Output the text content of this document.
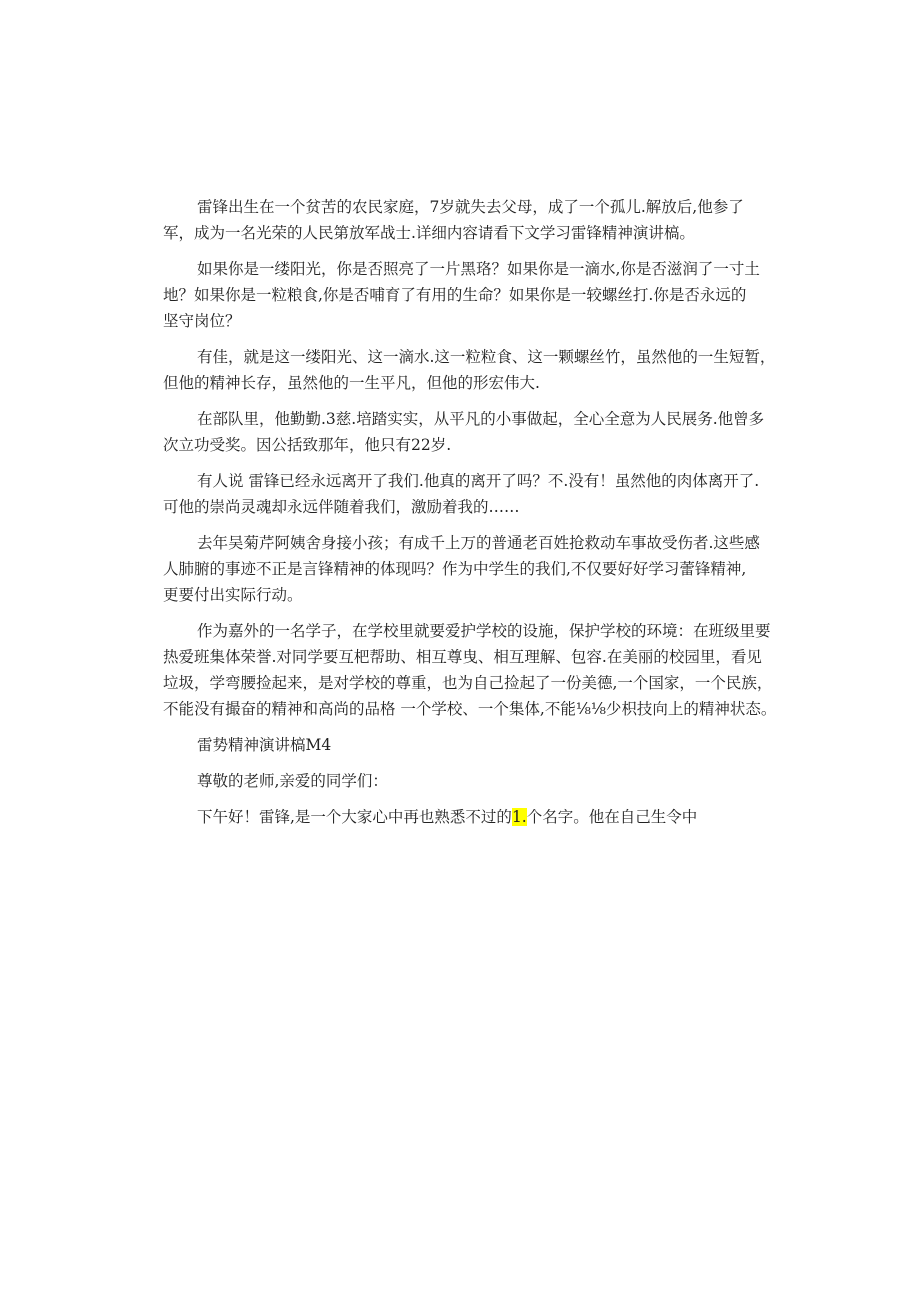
雷锋出生在一个贫苦的农民家庭，7岁就失去父母，成了一个孤儿.解放后,他参了
军，成为一名光荣的人民第放军战士.详细内容请看下文学习雷锋精神演讲槁。

如果你是一缕阳光，你是否照亮了一片黑珞？如果你是一滴水,你是否滋润了一寸土
地？如果你是一粒粮食,你是否哺育了有用的生命？如果你是一较螺丝打.你是否永远的
坚守岗位？

有佳，就是这一缕阳光、这一滴水.这一粒粒食、这一颗螺丝竹，虽然他的一生短暂，
但他的精神长存，虽然他的一生平凡，但他的形宏伟大.

在部队里，他勤勤.3慈.培踏实实，从平凡的小事做起，全心全意为人民展务.他曾多
次立功受奖。因公括致那年，他只有22岁.

有人说 雷锋已经永远离开了我们.他真的离开了吗？不.没有！虽然他的肉体离开了.
可他的崇尚灵魂却永远伴随着我们，激励着我的……

去年吴菊芹阿姨舍身接小孩；有成千上万的普通老百姓抢救动车事故受伤者.这些感
人肺腑的事迹不正是言锋精神的体现吗？作为中学生的我们,不仅要好好学习蕾锋精神,
更要付出实际行动。

作为嘉外的一名学子，在学校里就要爱护学校的设施，保护学校的环境：在班级里要
热爱班集体荣誉.对同学要互杷帮助、相互尊曳、相互理解、包容.在美丽的校园里，看见
垃圾，学弯腰捡起来，是对学校的尊重，也为自己捡起了一份美德,一个国家，一个民族，
不能没有撮奋的精神和高尚的品格 一个学校、一个集体,不能⅛⅛少枳技向上的精神状态。

雷势精神演讲槁M4

尊敬的老师,亲爱的同学们：

下午好！雷锋,是一个大家心中再也熟悉不过的1.个名字。他在自己生令中
